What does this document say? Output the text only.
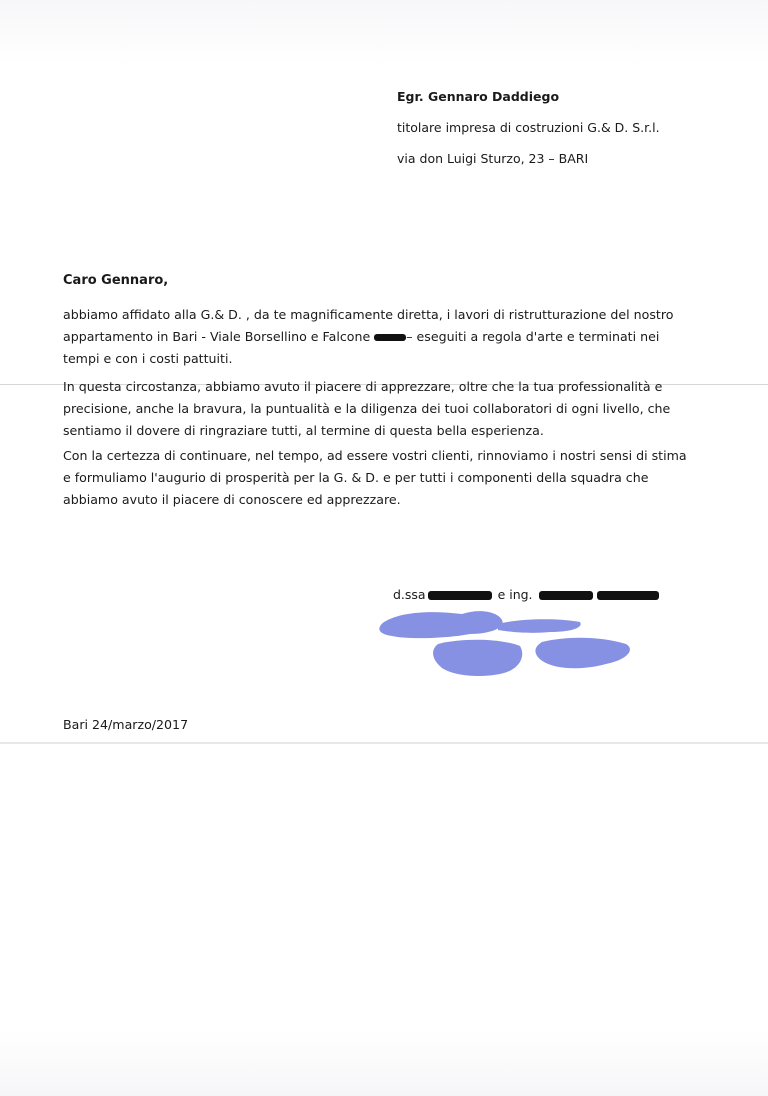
Egr. Gennaro Daddiego
titolare impresa di costruzioni G.& D. S.r.l.
via don Luigi Sturzo, 23 – BARI
Caro Gennaro,
abbiamo affidato alla G.& D. , da te magnificamente diretta, i lavori di ristrutturazione del nostro
appartamento in Bari - Viale Borsellino e Falcone	– eseguiti a regola d'arte e terminati nei
tempi e con i costi pattuiti.
In questa circostanza, abbiamo avuto il piacere di apprezzare, oltre che la tua professionalità e
precisione, anche la bravura, la puntualità e la diligenza dei tuoi collaboratori di ogni livello, che
sentiamo il dovere di ringraziare tutti, al termine di questa bella esperienza.
Con la certezza di continuare, nel tempo, ad essere vostri clienti, rinnoviamo i nostri sensi di stima
e formuliamo l'augurio di prosperità per la G. & D. e per tutti i componenti della squadra che
abbiamo avuto il piacere di conoscere ed apprezzare.
d.ssa	e ing.
Bari 24/marzo/2017
